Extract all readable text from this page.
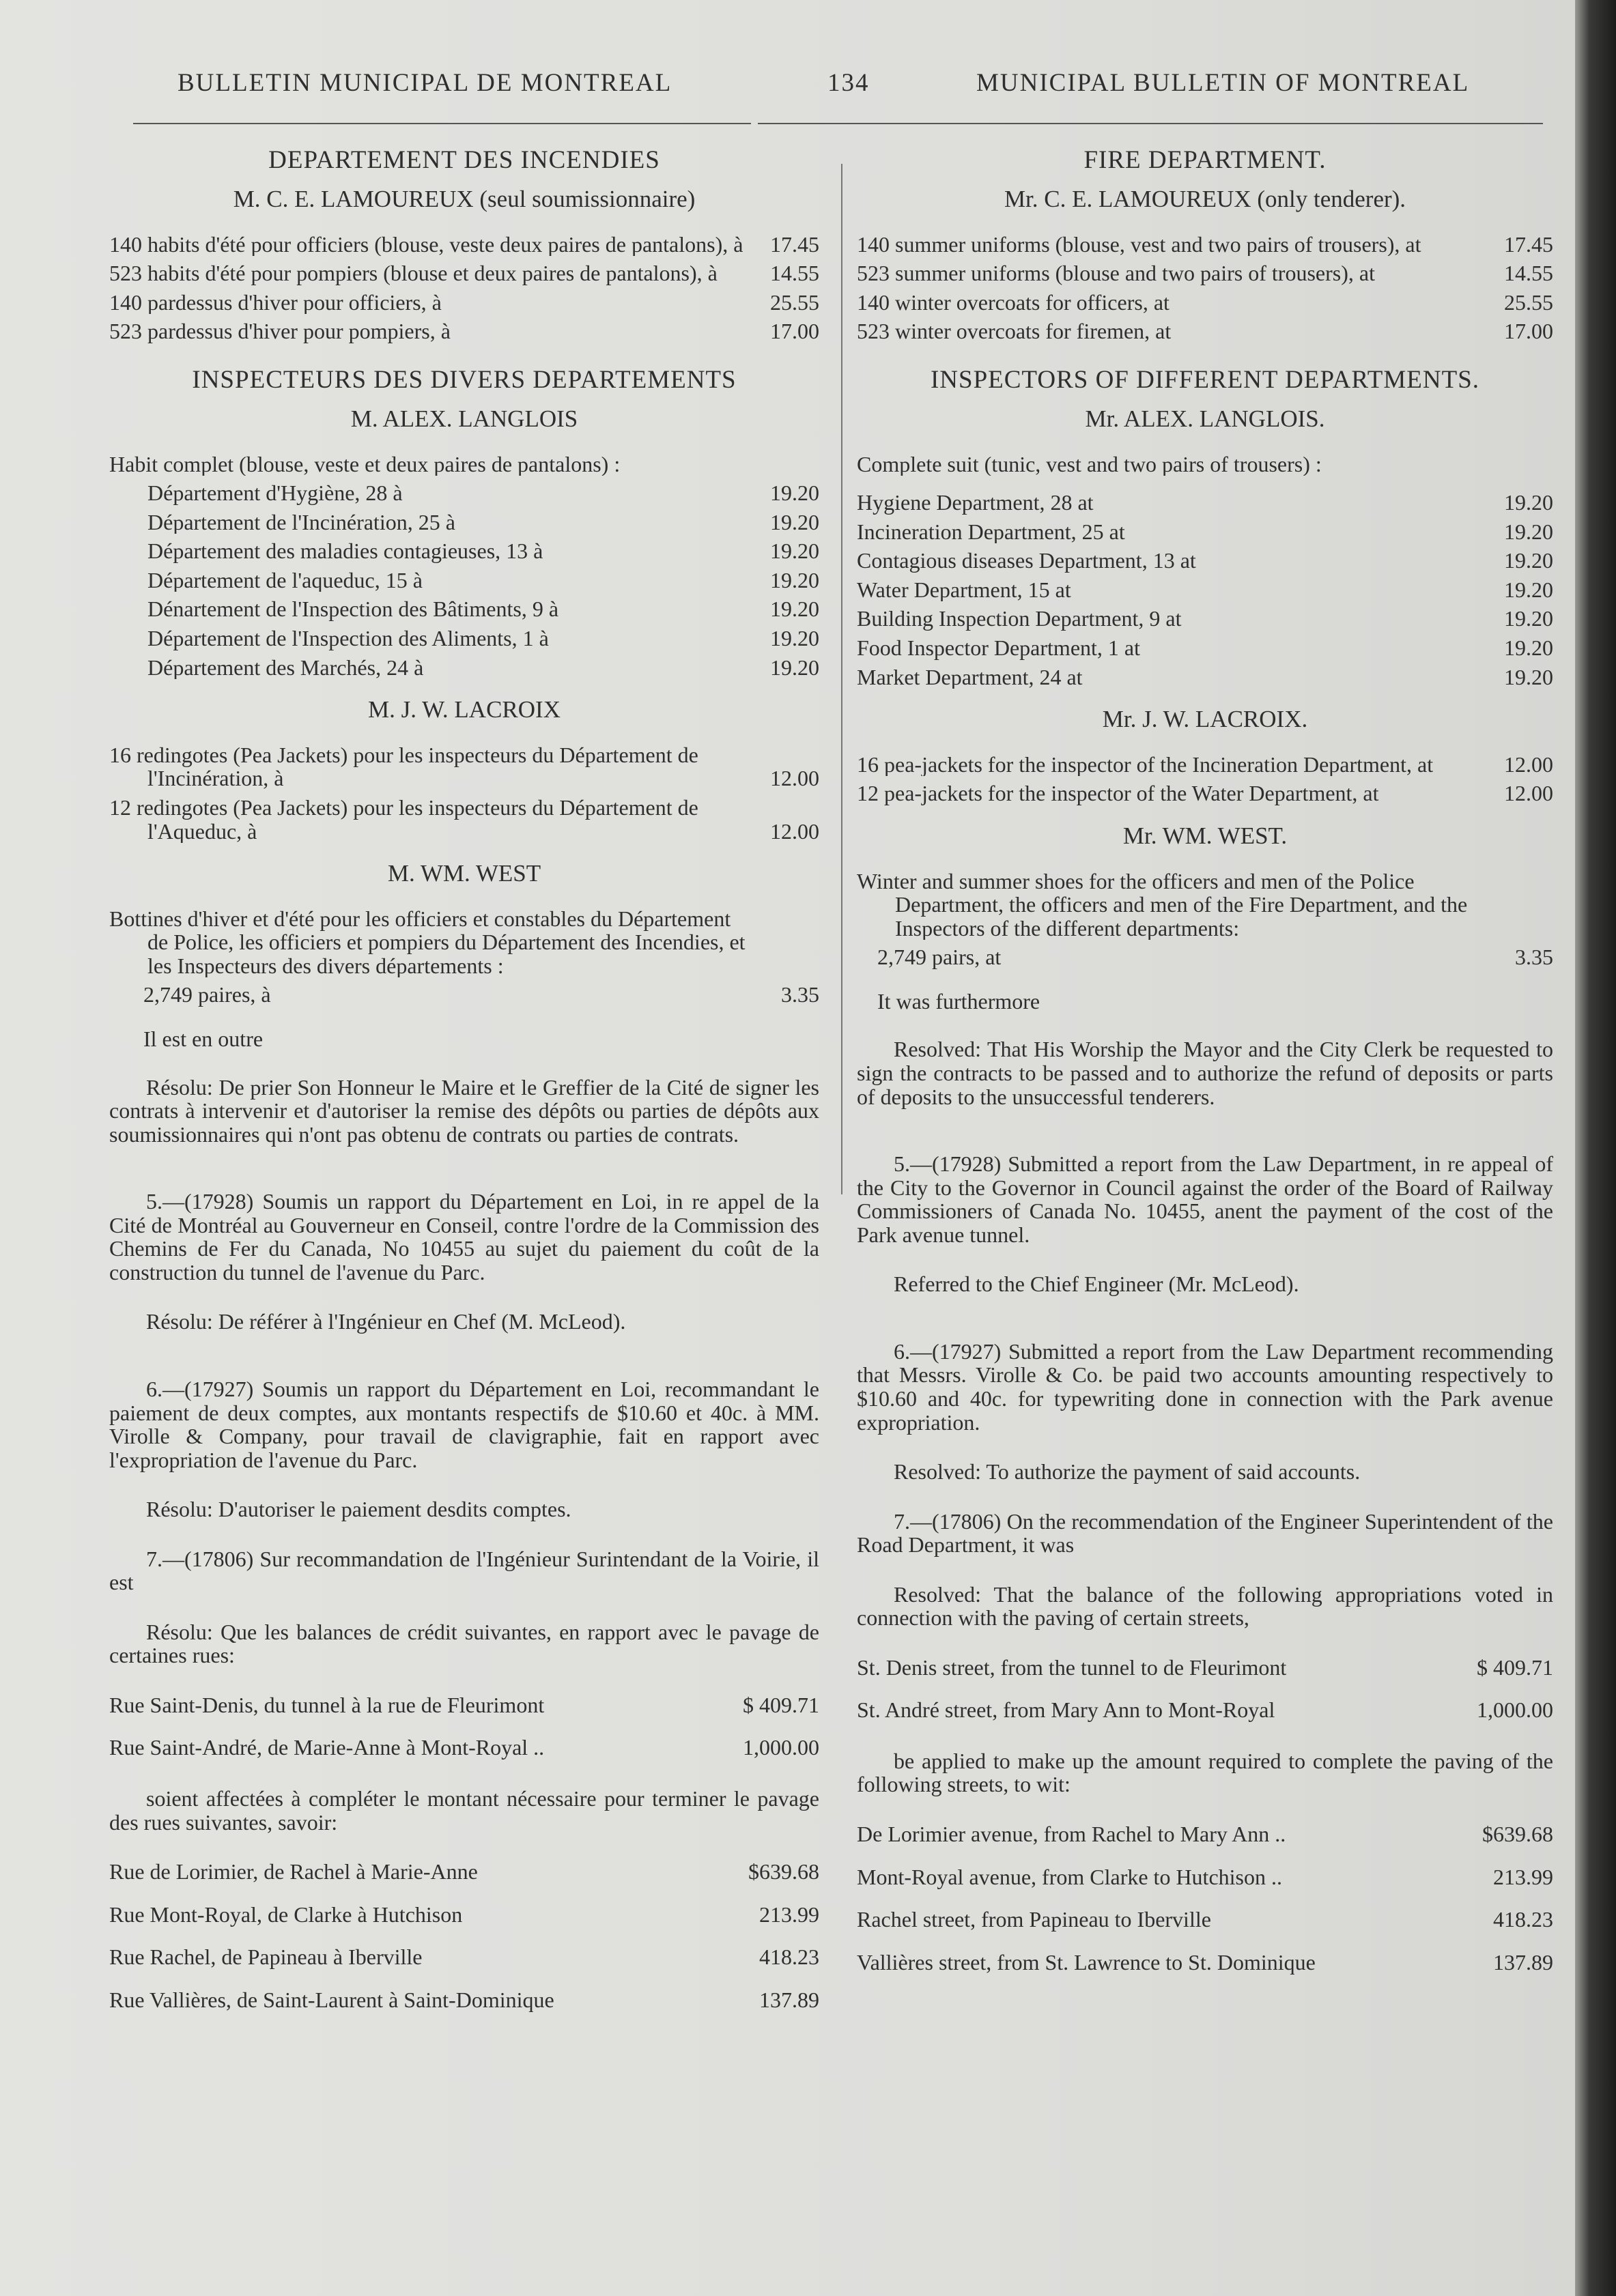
BULLETIN MUNICIPAL DE MONTREAL	134	MUNICIPAL BULLETIN OF MONTREAL
DEPARTEMENT DES INCENDIES
M. C. E. LAMOUREUX (seul soumissionnaire)
140 habits d'été pour officiers (blouse, veste deux paires de pantalons), à	17.45
523 habits d'été pour pompiers (blouse et deux paires de pantalons), à	14.55
140 pardessus d'hiver pour officiers, à	25.55
523 pardessus d'hiver pour pompiers, à	17.00
INSPECTEURS DES DIVERS DEPARTEMENTS
M. ALEX. LANGLOIS
Habit complet (blouse, veste et deux paires de pantalons) :
Département d'Hygiène, 28 à	19.20
Département de l'Incinération, 25 à	19.20
Département des maladies contagieuses, 13 à	19.20
Département de l'aqueduc, 15 à	19.20
Dénartement de l'Inspection des Bâtiments, 9 à	19.20
Département de l'Inspection des Aliments, 1 à	19.20
Département des Marchés, 24 à	19.20
M. J. W. LACROIX
16 redingotes (Pea Jackets) pour les inspecteurs du Département de l'Incinération, à	12.00
12 redingotes (Pea Jackets) pour les inspecteurs du Département de l'Aqueduc, à	12.00
M. WM. WEST
Bottines d'hiver et d'été pour les officiers et constables du Département de Police, les officiers et pompiers du Département des Incendies, et les Inspecteurs des divers départements :
2,749 paires, à	3.35
Il est en outre
Résolu: De prier Son Honneur le Maire et le Greffier de la Cité de signer les contrats à intervenir et d'autoriser la remise des dépôts ou parties de dépôts aux soumissionnaires qui n'ont pas obtenu de contrats ou parties de contrats.
5.—(17928) Soumis un rapport du Département en Loi, in re appel de la Cité de Montréal au Gouverneur en Conseil, contre l'ordre de la Commission des Chemins de Fer du Canada, No 10455 au sujet du paiement du coût de la construction du tunnel de l'avenue du Parc.
Résolu: De référer à l'Ingénieur en Chef (M. McLeod).
6.—(17927) Soumis un rapport du Département en Loi, recommandant le paiement de deux comptes, aux montants respectifs de $10.60 et 40c. à MM. Virolle & Company, pour travail de clavigraphie, fait en rapport avec l'expropriation de l'avenue du Parc.
Résolu: D'autoriser le paiement desdits comptes.
7.—(17806) Sur recommandation de l'Ingénieur Surintendant de la Voirie, il est
Résolu: Que les balances de crédit suivantes, en rapport avec le pavage de certaines rues:
Rue Saint-Denis, du tunnel à la rue de Fleurimont	$ 409.71
Rue Saint-André, de Marie-Anne à Mont-Royal ..	1,000.00
soient affectées à compléter le montant nécessaire pour terminer le pavage des rues suivantes, savoir:
Rue de Lorimier, de Rachel à Marie-Anne	$639.68
Rue Mont-Royal, de Clarke à Hutchison	213.99
Rue Rachel, de Papineau à Iberville	418.23
Rue Vallières, de Saint-Laurent à Saint-Dominique	137.89
FIRE DEPARTMENT.
Mr. C. E. LAMOUREUX (only tenderer).
140 summer uniforms (blouse, vest and two pairs of trousers), at	17.45
523 summer uniforms (blouse and two pairs of trousers), at	14.55
140 winter overcoats for officers, at	25.55
523 winter overcoats for firemen, at	17.00
INSPECTORS OF DIFFERENT DEPARTMENTS.
Mr. ALEX. LANGLOIS.
Complete suit (tunic, vest and two pairs of trousers) :
Hygiene Department, 28 at	19.20
Incineration Department, 25 at	19.20
Contagious diseases Department, 13 at	19.20
Water Department, 15 at	19.20
Building Inspection Department, 9 at	19.20
Food Inspector Department, 1 at	19.20
Market Department, 24 at	19.20
Mr. J. W. LACROIX.
16 pea-jackets for the inspector of the Incineration Department, at	12.00
12 pea-jackets for the inspector of the Water Department, at	12.00
Mr. WM. WEST.
Winter and summer shoes for the officers and men of the Police Department, the officers and men of the Fire Department, and the Inspectors of the different departments:
2,749 pairs, at	3.35
It was furthermore
Resolved: That His Worship the Mayor and the City Clerk be requested to sign the contracts to be passed and to authorize the refund of deposits or parts of deposits to the unsuccessful tenderers.
5.—(17928) Submitted a report from the Law Department, in re appeal of the City to the Governor in Council against the order of the Board of Railway Commissioners of Canada No. 10455, anent the payment of the cost of the Park avenue tunnel.
Referred to the Chief Engineer (Mr. McLeod).
6.—(17927) Submitted a report from the Law Department recommending that Messrs. Virolle & Co. be paid two accounts amounting respectively to $10.60 and 40c. for typewriting done in connection with the Park avenue expropriation.
Resolved: To authorize the payment of said accounts.
7.—(17806) On the recommendation of the Engineer Superintendent of the Road Department, it was
Resolved: That the balance of the following appropriations voted in connection with the paving of certain streets,
St. Denis street, from the tunnel to de Fleurimont	$ 409.71
St. André street, from Mary Ann to Mont-Royal	1,000.00
be applied to make up the amount required to complete the paving of the following streets, to wit:
De Lorimier avenue, from Rachel to Mary Ann ..	$639.68
Mont-Royal avenue, from Clarke to Hutchison ..	213.99
Rachel street, from Papineau to Iberville	418.23
Vallières street, from St. Lawrence to St. Dominique	137.89
